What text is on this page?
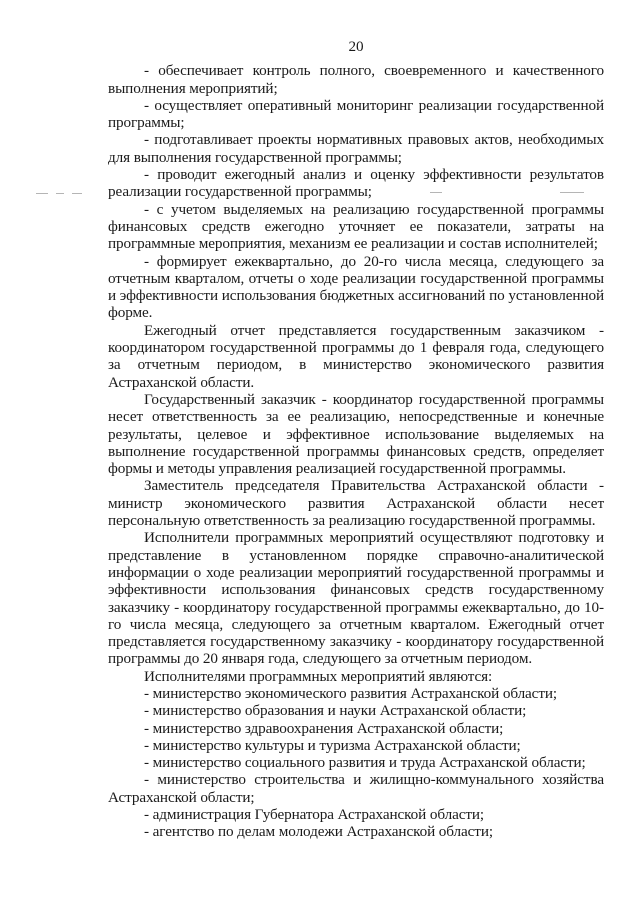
20

- обеспечивает контроль полного, своевременного и качественного выполнения мероприятий;

- осуществляет оперативный мониторинг реализации государственной программы;

- подготавливает проекты нормативных правовых актов, необходимых для выполнения государственной программы;

- проводит ежегодный анализ и оценку эффективности результатов реализации государственной программы;

- с учетом выделяемых на реализацию государственной программы финансовых средств ежегодно уточняет ее показатели, затраты на программные мероприятия, механизм ее реализации и состав исполнителей;

- формирует ежеквартально, до 20-го числа месяца, следующего за отчетным кварталом, отчеты о ходе реализации государственной программы и эффективности использования бюджетных ассигнований по установленной форме.

Ежегодный отчет представляется государственным заказчиком - координатором государственной программы до 1 февраля года, следующего за отчетным периодом, в министерство экономического развития Астраханской области.

Государственный заказчик - координатор государственной программы несет ответственность за ее реализацию, непосредственные и конечные результаты, целевое и эффективное использование выделяемых на выполнение государственной программы финансовых средств, определяет формы и методы управления реализацией государственной программы.

Заместитель председателя Правительства Астраханской области - министр экономического развития Астраханской области несет персональную ответственность за реализацию государственной программы.

Исполнители программных мероприятий осуществляют подготовку и представление в установленном порядке справочно-аналитической информации о ходе реализации мероприятий государственной программы и эффективности использования финансовых средств государственному заказчику - координатору государственной программы ежеквартально, до 10-го числа месяца, следующего за отчетным кварталом. Ежегодный отчет представляется государственному заказчику - координатору государственной программы до 20 января года, следующего за отчетным периодом.

Исполнителями программных мероприятий являются:

- министерство экономического развития Астраханской области;

- министерство образования и науки Астраханской области;

- министерство здравоохранения Астраханской области;

- министерство культуры и туризма Астраханской области;

- министерство социального развития и труда Астраханской области;

- министерство строительства и жилищно-коммунального хозяйства Астраханской области;

- администрация Губернатора Астраханской области;

- агентство по делам молодежи Астраханской области;
